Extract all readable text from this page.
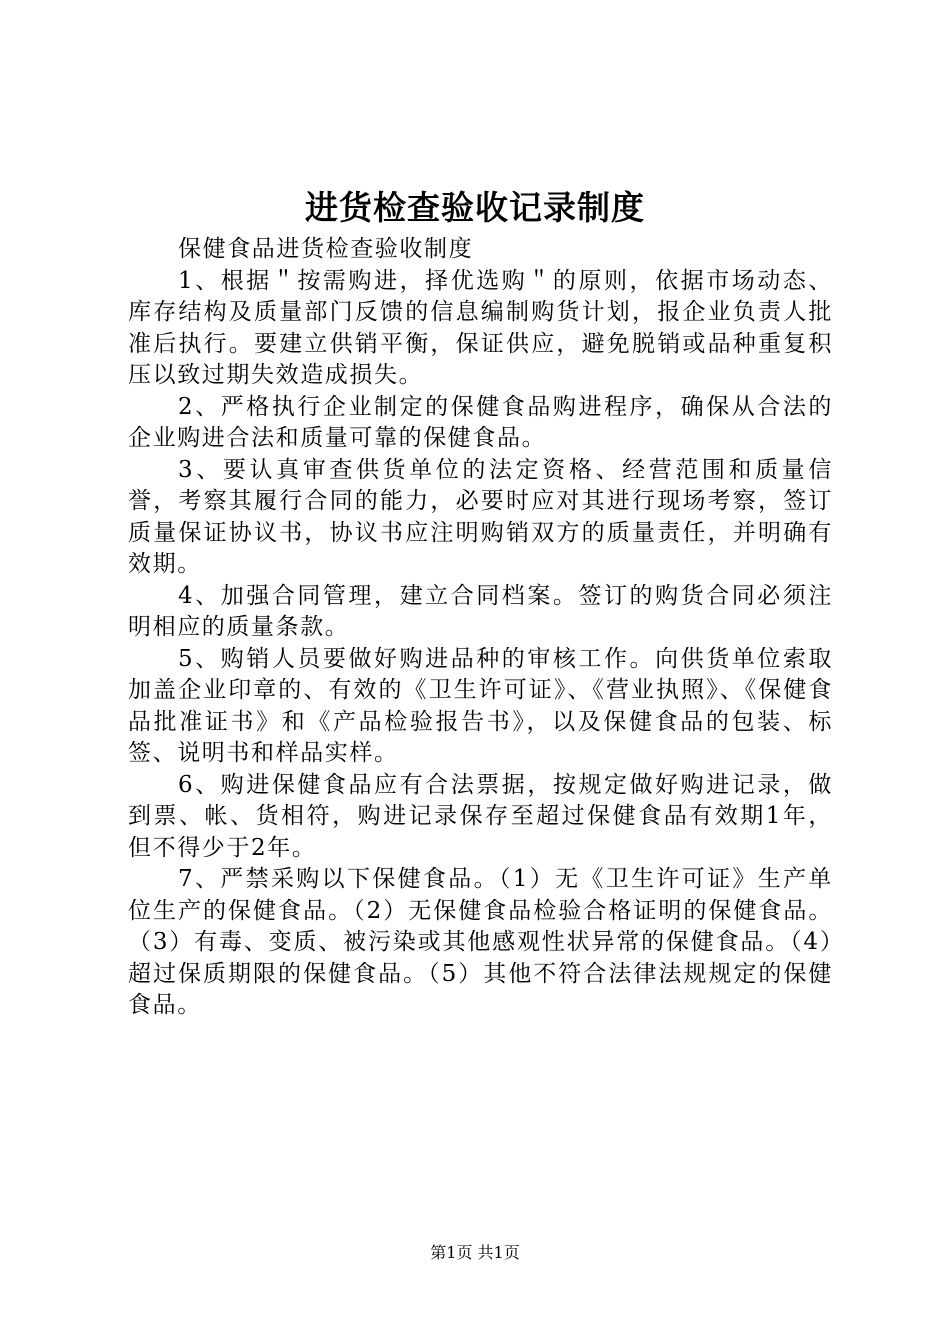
进货检查验收记录制度

保健食品进货检查验收制度

1、根据＂按需购进，择优选购＂的原则，依据市场动态、库存结构及质量部门反馈的信息编制购货计划，报企业负责人批准后执行。要建立供销平衡，保证供应，避免脱销或品种重复积压以致过期失效造成损失。

2、严格执行企业制定的保健食品购进程序，确保从合法的企业购进合法和质量可靠的保健食品。

3、要认真审查供货单位的法定资格、经营范围和质量信誉，考察其履行合同的能力，必要时应对其进行现场考察，签订质量保证协议书，协议书应注明购销双方的质量责任，并明确有效期。

4、加强合同管理，建立合同档案。签订的购货合同必须注明相应的质量条款。

5、购销人员要做好购进品种的审核工作。向供货单位索取加盖企业印章的、有效的《卫生许可证》、《营业执照》、《保健食品批准证书》和《产品检验报告书》，以及保健食品的包装、标签、说明书和样品实样。

6、购进保健食品应有合法票据，按规定做好购进记录，做到票、帐、货相符，购进记录保存至超过保健食品有效期1年，但不得少于2年。

7、严禁采购以下保健食品。（1）无《卫生许可证》生产单位生产的保健食品。（2）无保健食品检验合格证明的保健食品。（3）有毒、变质、被污染或其他感观性状异常的保健食品。（4）超过保质期限的保健食品。（5）其他不符合法律法规规定的保健食品。

第1页 共1页
